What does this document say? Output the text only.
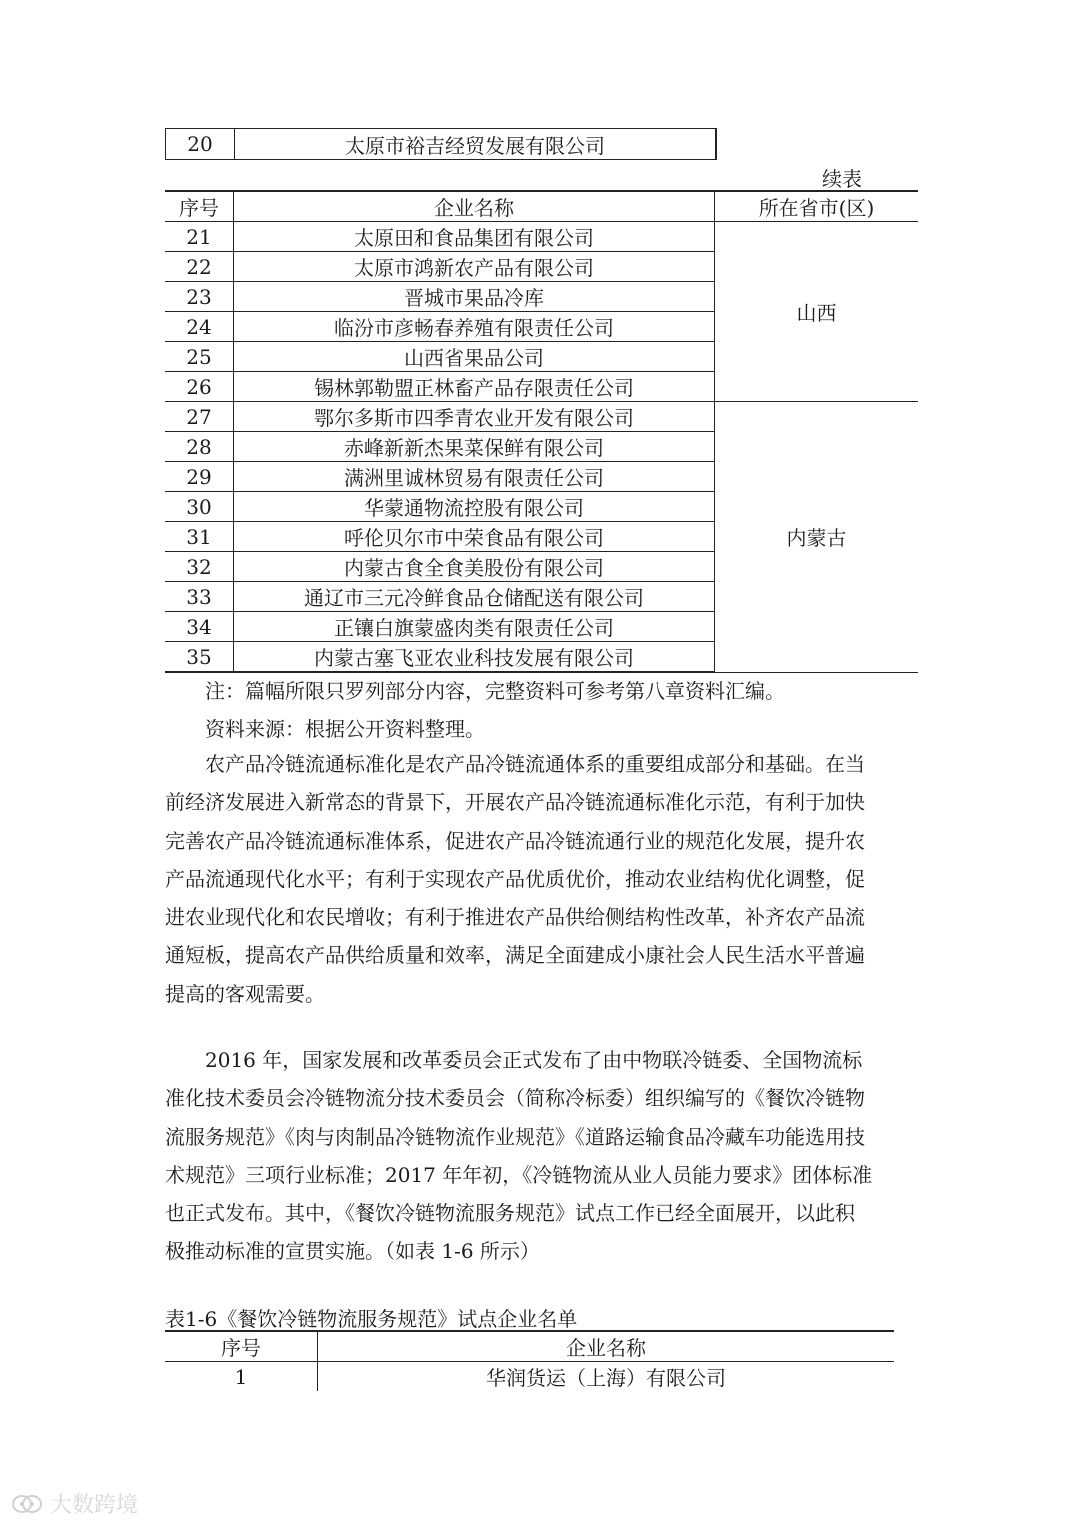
20	太原市裕吉经贸发展有限公司
续表
序号	企业名称	所在省市(区)
21	太原田和食品集团有限公司	山西
22	太原市鸿新农产品有限公司	
23	晋城市果品冷库	
24	临汾市彦畅春养殖有限责任公司	
25	山西省果品公司	
26	锡林郭勒盟正林畜产品存限责任公司	
27	鄂尔多斯市四季青农业开发有限公司	内蒙古
28	赤峰新新杰果菜保鲜有限公司	
29	满洲里诚林贸易有限责任公司	
30	华蒙通物流控股有限公司	
31	呼伦贝尔市中荣食品有限公司	
32	内蒙古食全食美股份有限公司	
33	通辽市三元冷鲜食品仓储配送有限公司	
34	正镶白旗蒙盛肉类有限责任公司	
35	内蒙古塞飞亚农业科技发展有限公司	
注：篇幅所限只罗列部分内容，完整资料可参考第八章资料汇编。
资料来源：根据公开资料整理。
　　农产品冷链流通标准化是农产品冷链流通体系的重要组成部分和基础。在当
前经济发展进入新常态的背景下，开展农产品冷链流通标准化示范，有利于加快
完善农产品冷链流通标准体系，促进农产品冷链流通行业的规范化发展，提升农
产品流通现代化水平；有利于实现农产品优质优价，推动农业结构优化调整，促
进农业现代化和农民增收；有利于推进农产品供给侧结构性改革，补齐农产品流
通短板，提高农产品供给质量和效率，满足全面建成小康社会人民生活水平普遍
提高的客观需要。
　　2016 年，国家发展和改革委员会正式发布了由中物联冷链委、全国物流标
准化技术委员会冷链物流分技术委员会（简称冷标委）组织编写的《餐饮冷链物
流服务规范》《肉与肉制品冷链物流作业规范》《道路运输食品冷藏车功能选用技
术规范》三项行业标准；2017 年年初，《冷链物流从业人员能力要求》团体标准
也正式发布。其中，《餐饮冷链物流服务规范》试点工作已经全面展开，以此积
极推动标准的宣贯实施。（如表 1-6 所示）
表1-6《餐饮冷链物流服务规范》试点企业名单
序号	企业名称
1	华润货运（上海）有限公司
大数跨境
